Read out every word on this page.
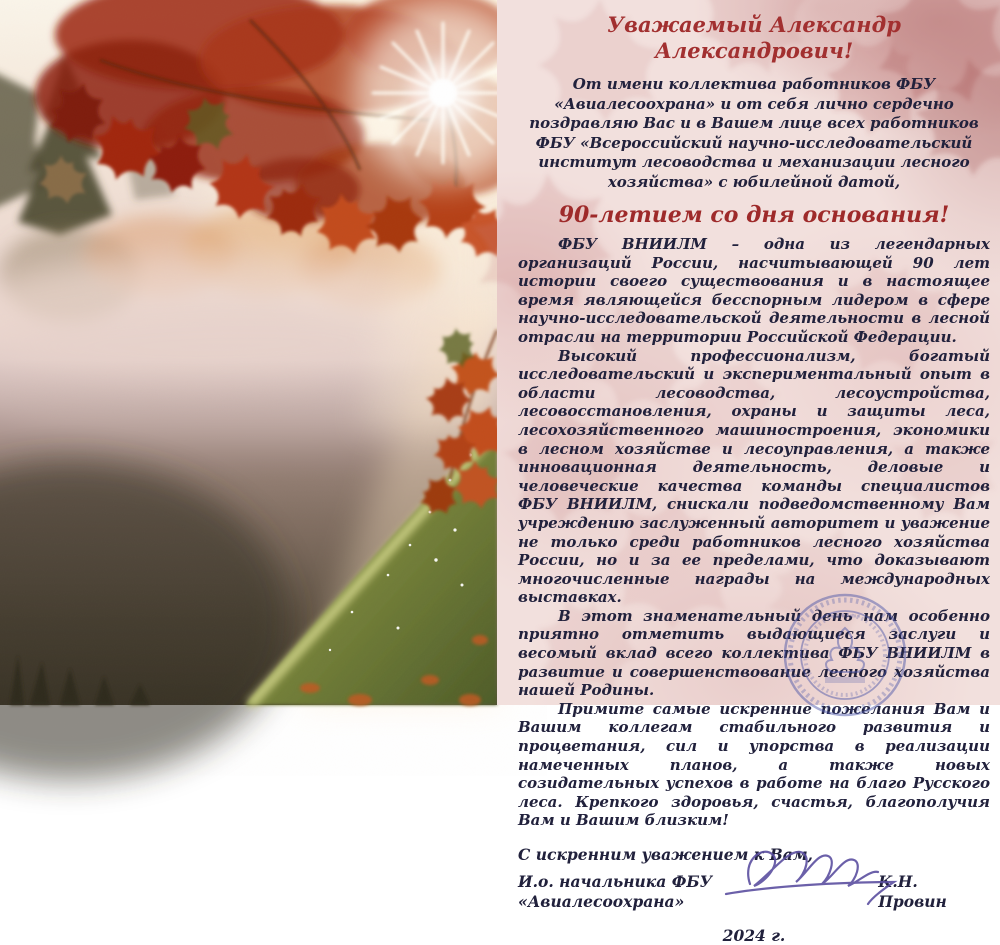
Уважаемый Александр Александрович!

От имени коллектива работников ФБУ «Авиалесоохрана» и от себя лично сердечно поздравляю Вас и в Вашем лице всех работников ФБУ «Всероссийский научно-исследовательский институт лесоводства и механизации лесного хозяйства» с юбилейной датой,

90-летием со дня основания!

ФБУ ВНИИЛМ – одна из легендарных организаций России, насчитывающей 90 лет истории своего существования и в настоящее время являющейся бесспорным лидером в сфере научно-исследовательской деятельности в лесной отрасли на территории Российской Федерации.

Высокий профессионализм, богатый исследовательский и экспериментальный опыт в области лесоводства, лесоустройства, лесовосстановления, охраны и защиты леса, лесохозяйственного машиностроения, экономики в лесном хозяйстве и лесоуправления, а также инновационная деятельность, деловые и человеческие качества команды специалистов ФБУ ВНИИЛМ, снискали подведомственному Вам учреждению заслуженный авторитет и уважение не только среди работников лесного хозяйства России, но и за ее пределами, что доказывают многочисленные награды на международных выставках.

В этот знаменательный день нам особенно приятно отметить выдающиеся заслуги и весомый вклад всего коллектива ФБУ ВНИИЛМ в развитие и совершенствование лесного хозяйства нашей Родины.

Примите самые искренние пожелания Вам и Вашим коллегам стабильного развития и процветания, сил и упорства в реализации намеченных планов, а также новых созидательных успехов в работе на благо Русского леса. Крепкого здоровья, счастья, благополучия Вам и Вашим близким!

С искренним уважением к Вам,
И.о. начальника ФБУ «Авиалесоохрана»
К.Н. Провин
2024 г.
